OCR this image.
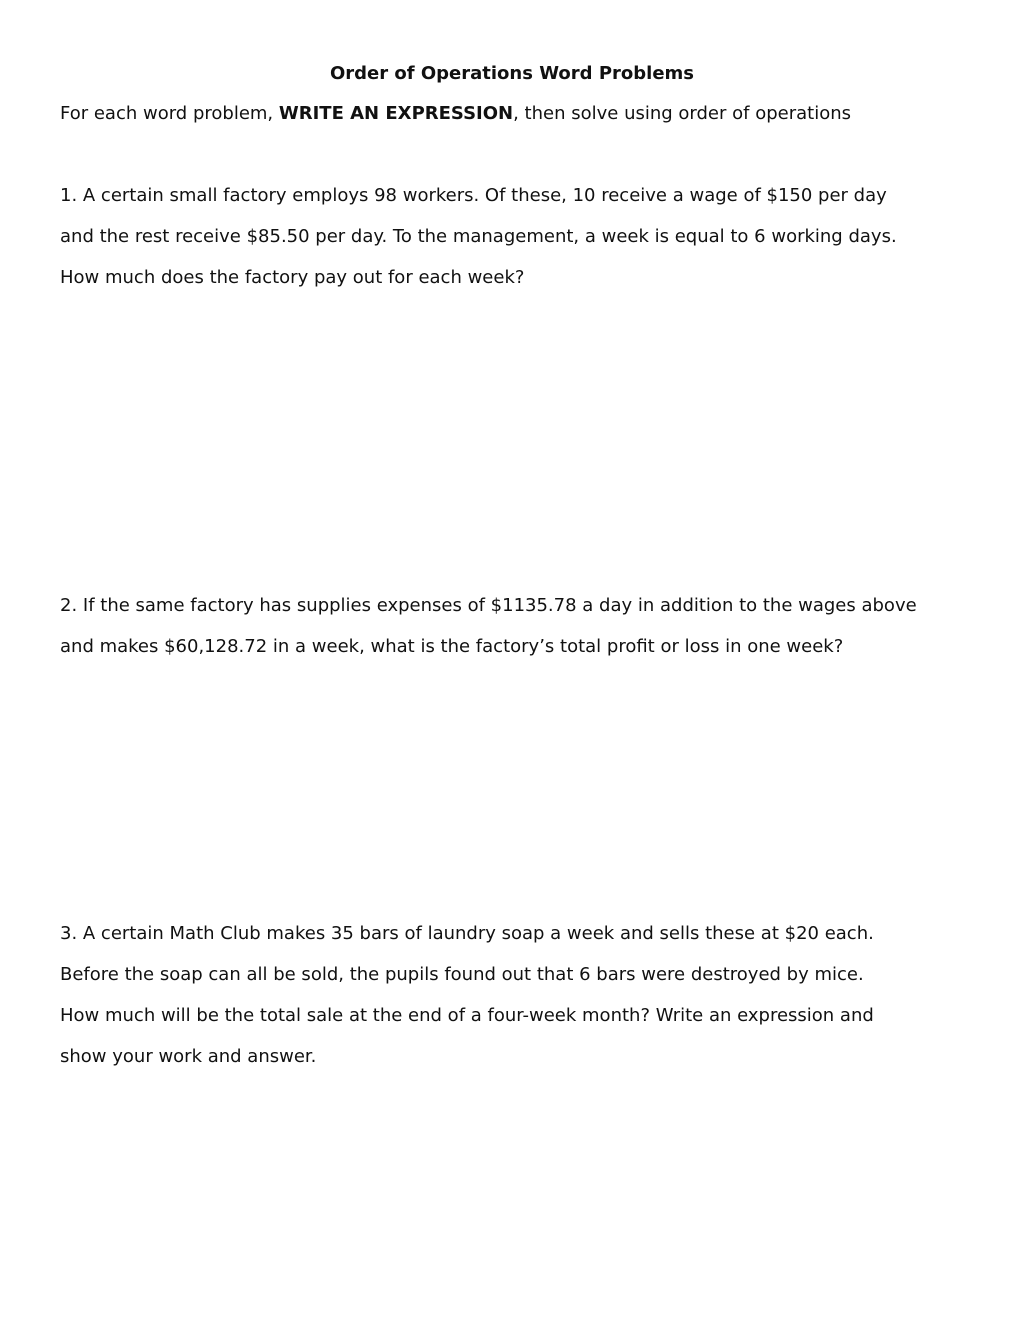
Order of Operations Word Problems
For each word problem, WRITE AN EXPRESSION, then solve using order of operations
1. A certain small factory employs 98 workers. Of these, 10 receive a wage of $150 per day
and the rest receive $85.50 per day. To the management, a week is equal to 6 working days.
How much does the factory pay out for each week?
2. If the same factory has supplies expenses of $1135.78 a day in addition to the wages above
and makes $60,128.72 in a week, what is the factory’s total profit or loss in one week?
3. A certain Math Club makes 35 bars of laundry soap a week and sells these at $20 each.
Before the soap can all be sold, the pupils found out that 6 bars were destroyed by mice.
How much will be the total sale at the end of a four-week month? Write an expression and
show your work and answer.
